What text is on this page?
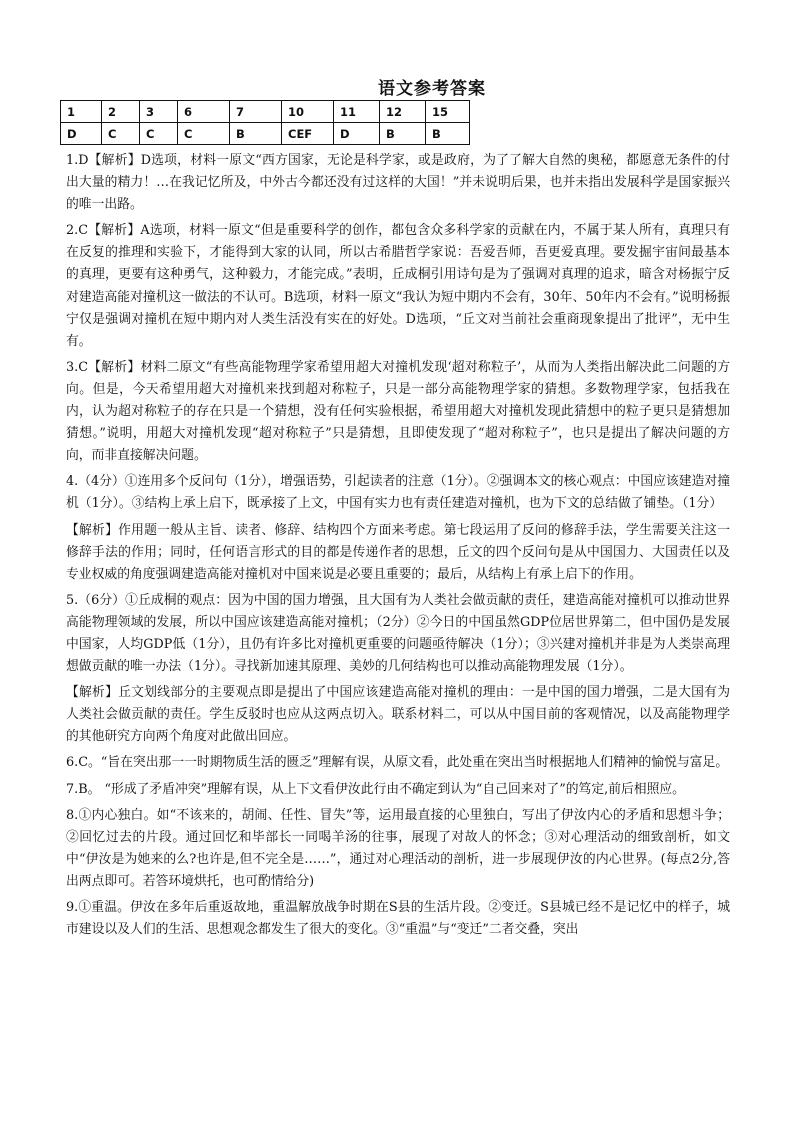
语文参考答案
1	2	3	6	7	10	11	12	15
D	C	C	C	B	CEF	D	B	B

1.D【解析】D选项，材料一原文“西方国家，无论是科学家，或是政府，为了了解大自然的奥秘，都愿意无条件的付出大量的精力！…在我记忆所及，中外古今都还没有过这样的大国！”并未说明后果，也并未指出发展科学是国家振兴的唯一出路。

2.C【解析】A选项，材料一原文“但是重要科学的创作，都包含众多科学家的贡献在内，不属于某人所有，真理只有在反复的推理和实验下，才能得到大家的认同，所以古希腊哲学家说：吾爱吾师，吾更爱真理。要发掘宇宙间最基本的真理，更要有这种勇气，这种毅力，才能完成。”表明，丘成桐引用诗句是为了强调对真理的追求，暗含对杨振宁反对建造高能对撞机这一做法的不认可。B选项，材料一原文“我认为短中期内不会有，30年、50年内不会有。”说明杨振宁仅是强调对撞机在短中期内对人类生活没有实在的好处。D选项，“丘文对当前社会重商现象提出了批评”，无中生有。

3.C【解析】材料二原文“有些高能物理学家希望用超大对撞机发现‘超对称粒子’，从而为人类指出解决此二问题的方向。但是，今天希望用超大对撞机来找到超对称粒子，只是一部分高能物理学家的猜想。多数物理学家，包括我在内，认为超对称粒子的存在只是一个猜想，没有任何实验根据，希望用超大对撞机发现此猜想中的粒子更只是猜想加猜想。”说明，用超大对撞机发现“超对称粒子”只是猜想，且即使发现了“超对称粒子”，也只是提出了解决问题的方向，而非直接解决问题。

4.（4分）①连用多个反问句（1分），增强语势，引起读者的注意（1分）。②强调本文的核心观点：中国应该建造对撞机（1分）。③结构上承上启下，既承接了上文，中国有实力也有责任建造对撞机，也为下文的总结做了铺垫。（1分）

【解析】作用题一般从主旨、读者、修辞、结构四个方面来考虑。第七段运用了反问的修辞手法，学生需要关注这一修辞手法的作用；同时，任何语言形式的目的都是传递作者的思想，丘文的四个反问句是从中国国力、大国责任以及专业权威的角度强调建造高能对撞机对中国来说是必要且重要的；最后，从结构上有承上启下的作用。

5.（6分）①丘成桐的观点：因为中国的国力增强，且大国有为人类社会做贡献的责任，建造高能对撞机可以推动世界高能物理领域的发展，所以中国应该建造高能对撞机；（2分）②今日的中国虽然GDP位居世界第二，但中国仍是发展中国家，人均GDP低（1分），且仍有许多比对撞机更重要的问题亟待解决（1分）；③兴建对撞机并非是为人类崇高理想做贡献的唯一办法（1分）。寻找新加速其原理、美妙的几何结构也可以推动高能物理发展（1分）。

【解析】丘文划线部分的主要观点即是提出了中国应该建造高能对撞机的理由：一是中国的国力增强，二是大国有为人类社会做贡献的责任。学生反驳时也应从这两点切入。联系材料二，可以从中国目前的客观情况，以及高能物理学的其他研究方向两个角度对此做出回应。

6.C。“旨在突出那一一时期物质生活的匮乏”理解有误，从原文看，此处重在突出当时根据地人们精神的愉悦与富足。

7.B。 “形成了矛盾冲突”理解有误，从上下文看伊汝此行由不确定到认为“自己回来对了”的笃定,前后相照应。

8.①内心独白。如“不该来的，胡闹、任性、冒失”等，运用最直接的心里独白，写出了伊汝内心的矛盾和思想斗争；②回忆过去的片段。通过回忆和毕部长一同喝羊汤的往事，展现了对故人的怀念；③对心理活动的细致剖析，如文中“伊汝是为她来的么?也许是,但不完全是……”，通过对心理活动的剖析，进一步展现伊汝的内心世界。(每点2分,答出两点即可。若答环境烘托，也可酌情给分)

9.①重温。伊汝在多年后重返故地，重温解放战争时期在S县的生活片段。②变迁。S县城已经不是记忆中的样子，城市建设以及人们的生活、思想观念都发生了很大的变化。③“重温”与“变迁”二者交叠，突出
